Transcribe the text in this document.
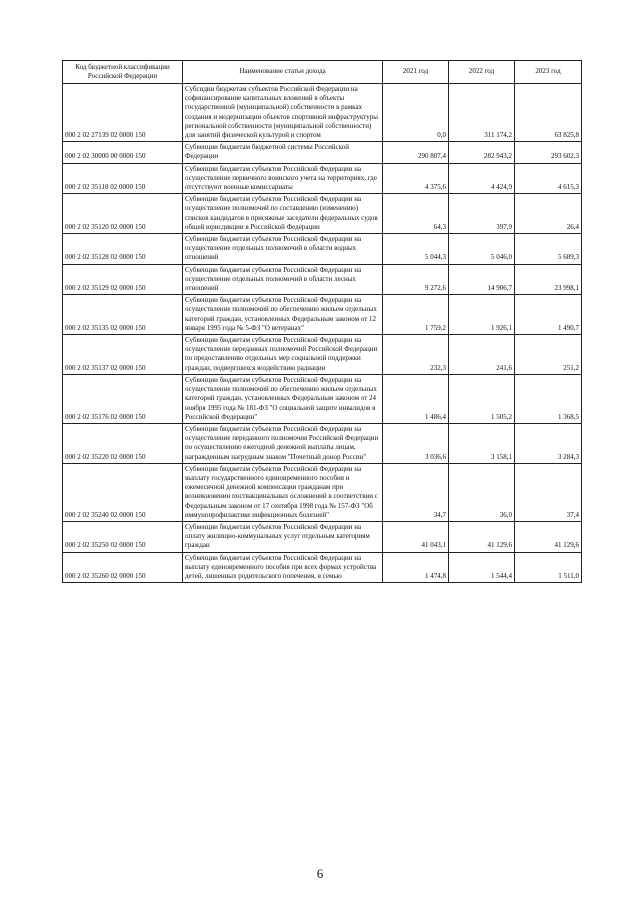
Код бюджетной классификации Российской Федерации	Наименование статьи дохода	2021 год	2022 год	2023 год
000 2 02 27139 02 0000 150	Субсидии бюджетам субъектов Российской Федерации на софинансирование капитальных вложений в объекты государственной (муниципальной) собственности в рамках создания и модернизации объектов спортивной инфраструктуры региональной собственности (муниципальной собственности) для занятий физической культурой и спортом	0,0	311 174,2	63 825,8
000 2 02 30000 00 0000 150	Субвенции бюджетам бюджетной системы Российской Федерации	290 807,4	282 943,2	293 602,3
000 2 02 35118 02 0000 150	Субвенции бюджетам субъектов Российской Федерации на осуществление первичного воинского учета на территориях, где отсутствуют военные комиссариаты	4 375,6	4 424,9	4 615,3
000 2 02 35120 02 0000 150	Субвенции бюджетам субъектов Российской Федерации на осуществление полномочий по составлению (изменению) списков кандидатов в присяжные заседатели федеральных судов общей юрисдикции в Российской Федерации	64,3	397,9	26,4
000 2 02 35128 02 0000 150	Субвенции бюджетам субъектов Российской Федерации на осуществление отдельных полномочий в области водных отношений	5 044,3	5 046,0	5 689,3
000 2 02 35129 02 0000 150	Субвенции бюджетам субъектов Российской Федерации на осуществление отдельных полномочий в области лесных отношений	9 272,6	14 906,7	23 998,1
000 2 02 35135 02 0000 150	Субвенции бюджетам субъектов Российской Федерации на осуществление полномочий по обеспечению жильем отдельных категорий граждан, установленных Федеральным законом от 12 января 1995 года № 5-ФЗ "О ветеранах"	1 759,2	1 926,1	1 490,7
000 2 02 35137 02 0000 150	Субвенции бюджетам субъектов Российской Федерации на осуществление переданных полномочий Российской Федерации по предоставлению отдельных мер социальной поддержки граждан, подвергшихся воздействию радиации	232,3	241,6	251,2
000 2 02 35176 02 0000 150	Субвенции бюджетам субъектов Российской Федерации на осуществление полномочий по обеспечению жильем отдельных категорий граждан, установленных Федеральным законом от 24 ноября 1995 года № 181-ФЗ "О социальной защите инвалидов в Российской Федерации"	1 486,4	1 505,2	1 368,5
000 2 02 35220 02 0000 150	Субвенции бюджетам субъектов Российской Федерации на осуществление переданного полномочия Российской Федерации по осуществлению ежегодной денежной выплаты лицам, награжденным нагрудным знаком "Почетный донор России"	3 036,6	3 158,1	3 284,3
000 2 02 35240 02 0000 150	Субвенции бюджетам субъектов Российской Федерации на выплату государственного единовременного пособия и ежемесячной денежной компенсации гражданам при возникновении поствакцинальных осложнений в соответствии с Федеральным законом от 17 сентября 1998 года № 157-ФЗ "Об иммунопрофилактике инфекционных болезней"	34,7	36,0	37,4
000 2 02 35250 02 0000 150	Субвенции бюджетам субъектов Российской Федерации на оплату жилищно-коммунальных услуг отдельным категориям граждан	41 043,1	41 129,6	41 129,6
000 2 02 35260 02 0000 150	Субвенции бюджетам субъектов Российской Федерации на выплату единовременного пособия при всех формах устройства детей, лишенных родительского попечения, в семью	1 474,8	1 544,4	1 511,0
6
